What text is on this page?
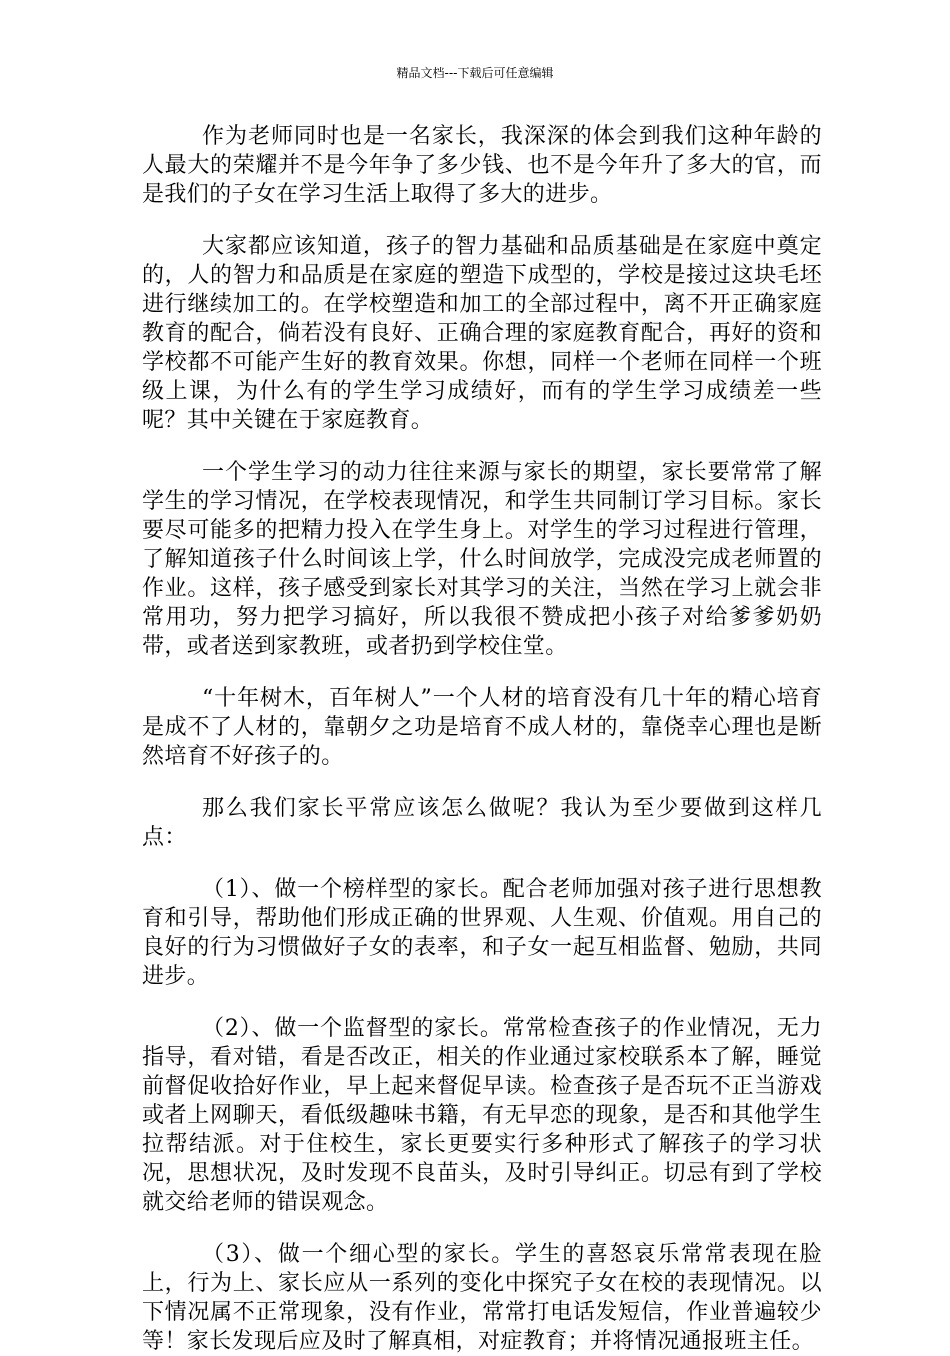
精品文档---下载后可任意编辑

作为老师同时也是一名家长，我深深的体会到我们这种年龄的人最大的荣耀并不是今年争了多少钱、也不是今年升了多大的官，而是我们的子女在学习生活上取得了多大的进步。

大家都应该知道，孩子的智力基础和品质基础是在家庭中奠定的，人的智力和品质是在家庭的塑造下成型的，学校是接过这块毛坯进行继续加工的。在学校塑造和加工的全部过程中，离不开正确家庭教育的配合，倘若没有良好、正确合理的家庭教育配合，再好的资和学校都不可能产生好的教育效果。你想，同样一个老师在同样一个班级上课，为什么有的学生学习成绩好，而有的学生学习成绩差一些呢？其中关键在于家庭教育。

一个学生学习的动力往往来源与家长的期望，家长要常常了解学生的学习情况，在学校表现情况，和学生共同制订学习目标。家长要尽可能多的把精力投入在学生身上。对学生的学习过程进行管理，了解知道孩子什么时间该上学，什么时间放学，完成没完成老师置的作业。这样，孩子感受到家长对其学习的关注，当然在学习上就会非常用功，努力把学习搞好，所以我很不赞成把小孩子对给爹爹奶奶带，或者送到家教班，或者扔到学校住堂。

“十年树木，百年树人”一个人材的培育没有几十年的精心培育是成不了人材的，靠朝夕之功是培育不成人材的，靠侥幸心理也是断然培育不好孩子的。

那么我们家长平常应该怎么做呢？我认为至少要做到这样几点：

（1）、做一个榜样型的家长。配合老师加强对孩子进行思想教育和引导，帮助他们形成正确的世界观、人生观、价值观。用自己的良好的行为习惯做好子女的表率，和子女一起互相监督、勉励，共同进步。

（2）、做一个监督型的家长。常常检查孩子的作业情况，无力指导，看对错，看是否改正，相关的作业通过家校联系本了解，睡觉前督促收拾好作业，早上起来督促早读。检查孩子是否玩不正当游戏或者上网聊天，看低级趣味书籍，有无早恋的现象，是否和其他学生拉帮结派。对于住校生，家长更要实行多种形式了解孩子的学习状况，思想状况，及时发现不良苗头，及时引导纠正。切忌有到了学校就交给老师的错误观念。

（3）、做一个细心型的家长。学生的喜怒哀乐常常表现在脸上，行为上、家长应从一系列的变化中探究子女在校的表现情况。以下情况属不正常现象，没有作业，常常打电话发短信，作业普遍较少等！家长发现后应及时了解真相，对症教育；并将情况通报班主任。
